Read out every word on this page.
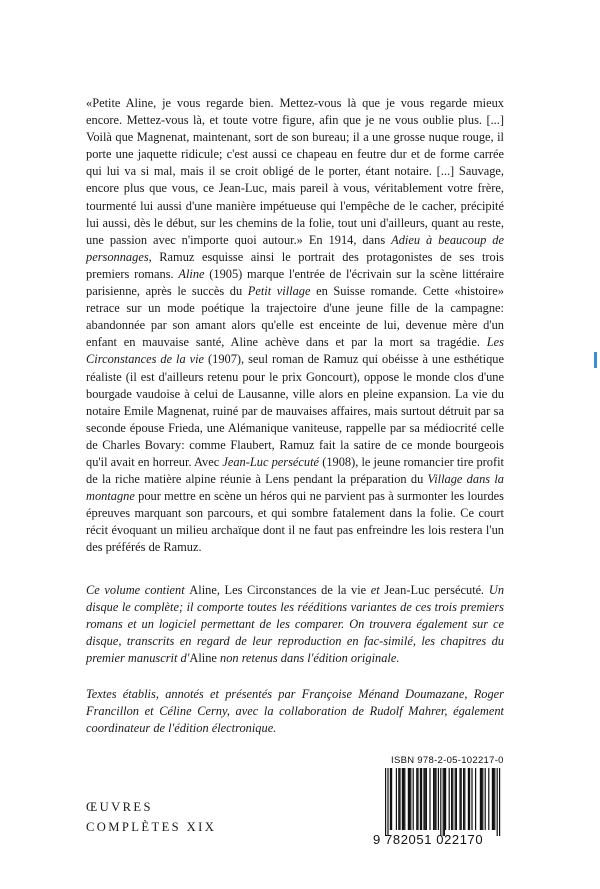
«Petite Aline, je vous regarde bien. Mettez-vous là que je vous regarde mieux encore. Mettez-vous là, et toute votre figure, afin que je ne vous oublie plus. [...] Voilà que Magnenat, maintenant, sort de son bureau; il a une grosse nuque rouge, il porte une jaquette ridicule; c'est aussi ce chapeau en feutre dur et de forme carrée qui lui va si mal, mais il se croit obligé de le porter, étant notaire. [...] Sauvage, encore plus que vous, ce Jean-Luc, mais pareil à vous, véritablement votre frère, tourmenté lui aussi d'une manière impétueuse qui l'empêche de le cacher, précipité lui aussi, dès le début, sur les chemins de la folie, tout uni d'ailleurs, quant au reste, une passion avec n'importe quoi autour.» En 1914, dans Adieu à beaucoup de personnages, Ramuz esquisse ainsi le portrait des protagonistes de ses trois premiers romans. Aline (1905) marque l'entrée de l'écrivain sur la scène littéraire parisienne, après le succès du Petit village en Suisse romande. Cette «histoire» retrace sur un mode poétique la trajectoire d'une jeune fille de la campagne: abandonnée par son amant alors qu'elle est enceinte de lui, devenue mère d'un enfant en mauvaise santé, Aline achève dans et par la mort sa tragédie. Les Circonstances de la vie (1907), seul roman de Ramuz qui obéisse à une esthétique réaliste (il est d'ailleurs retenu pour le prix Goncourt), oppose le monde clos d'une bourgade vaudoise à celui de Lausanne, ville alors en pleine expansion. La vie du notaire Emile Magnenat, ruiné par de mauvaises affaires, mais surtout détruit par sa seconde épouse Frieda, une Alémanique vaniteuse, rappelle par sa médiocrité celle de Charles Bovary: comme Flaubert, Ramuz fait la satire de ce monde bourgeois qu'il avait en horreur. Avec Jean-Luc persécuté (1908), le jeune romancier tire profit de la riche matière alpine réunie à Lens pendant la préparation du Village dans la montagne pour mettre en scène un héros qui ne parvient pas à surmonter les lourdes épreuves marquant son parcours, et qui sombre fatalement dans la folie. Ce court récit évoquant un milieu archaïque dont il ne faut pas enfreindre les lois restera l'un des préférés de Ramuz.

Ce volume contient Aline, Les Circonstances de la vie et Jean-Luc persécuté. Un disque le complète; il comporte toutes les rééditions variantes de ces trois premiers romans et un logiciel permettant de les comparer. On trouvera également sur ce disque, transcrits en regard de leur reproduction en fac-similé, les chapitres du premier manuscrit d'Aline non retenus dans l'édition originale.

Textes établis, annotés et présentés par Françoise Ménand Doumazane, Roger Francillon et Céline Cerny, avec la collaboration de Rudolf Mahrer, également coordinateur de l'édition électronique.

ŒUVRES
COMPLÈTES XIX
ISBN 978-2-05-102217-0
9 782051 022170
